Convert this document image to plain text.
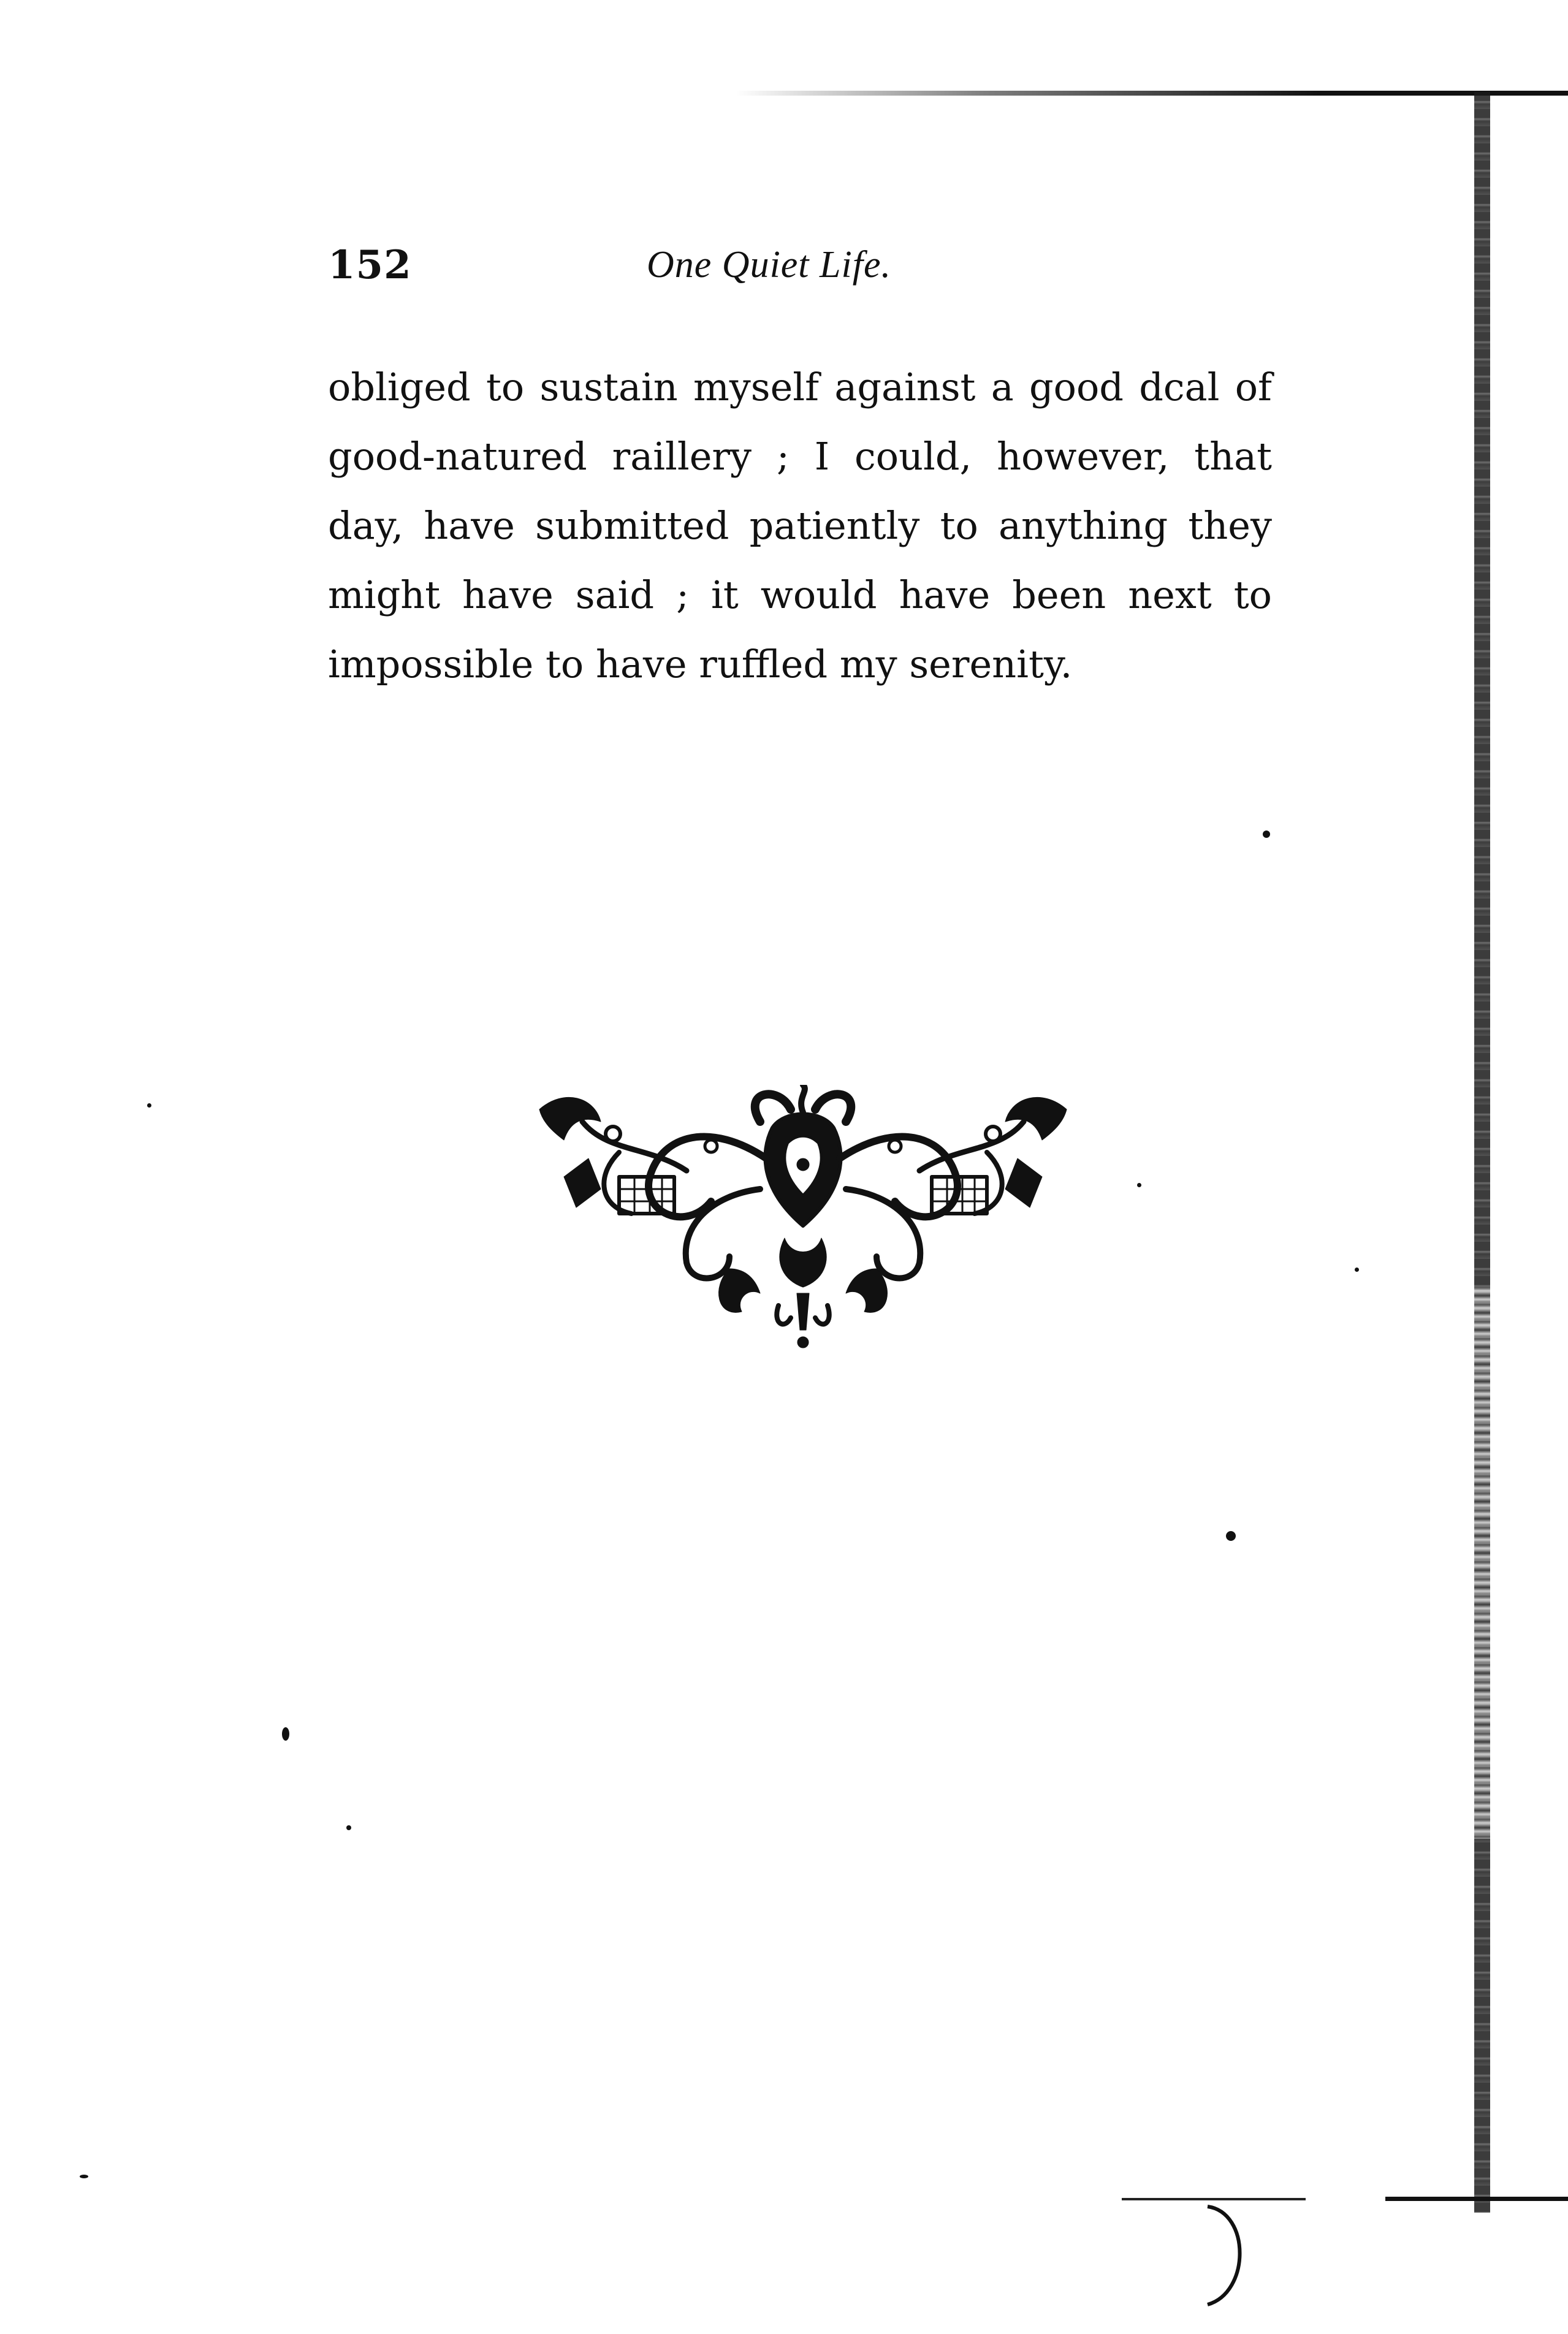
152	One Quiet Life.
obliged to sustain myself against a good dcal of
good-natured raillery ; I could, however, that
day, have submitted patiently to anything they
might have said ; it would have been next to
impossible to have ruffled my serenity.
